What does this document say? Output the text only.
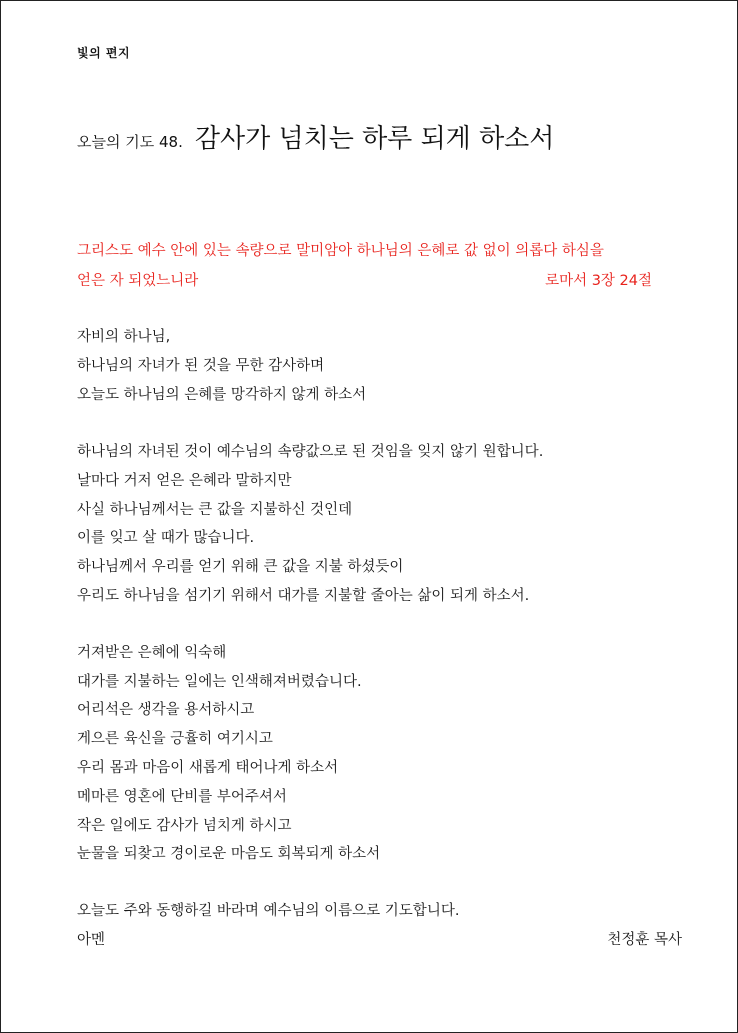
빛의 편지
오늘의 기도 48. 감사가 넘치는 하루 되게 하소서
그리스도 예수 안에 있는 속량으로 말미암아 하나님의 은혜로 값 없이 의롭다 하심을
얻은 자 되었느니라	로마서 3장 24절
자비의 하나님,
하나님의 자녀가 된 것을 무한 감사하며
오늘도 하나님의 은혜를 망각하지 않게 하소서
하나님의 자녀된 것이 예수님의 속량값으로 된 것임을 잊지 않기 원합니다.
날마다 거저 얻은 은혜라 말하지만
사실 하나님께서는 큰 값을 지불하신 것인데
이를 잊고 살 때가 많습니다.
하나님께서 우리를 얻기 위해 큰 값을 지불 하셨듯이
우리도 하나님을 섬기기 위해서 대가를 지불할 줄아는 삶이 되게 하소서.
거져받은 은혜에 익숙해
대가를 지불하는 일에는 인색해져버렸습니다.
어리석은 생각을 용서하시고
게으른 육신을 긍휼히 여기시고
우리 몸과 마음이 새롭게 태어나게 하소서
메마른 영혼에 단비를 부어주셔서
작은 일에도 감사가 넘치게 하시고
눈물을 되찾고 경이로운 마음도 회복되게 하소서
오늘도 주와 동행하길 바라며 예수님의 이름으로 기도합니다.
아멘	천정훈 목사
